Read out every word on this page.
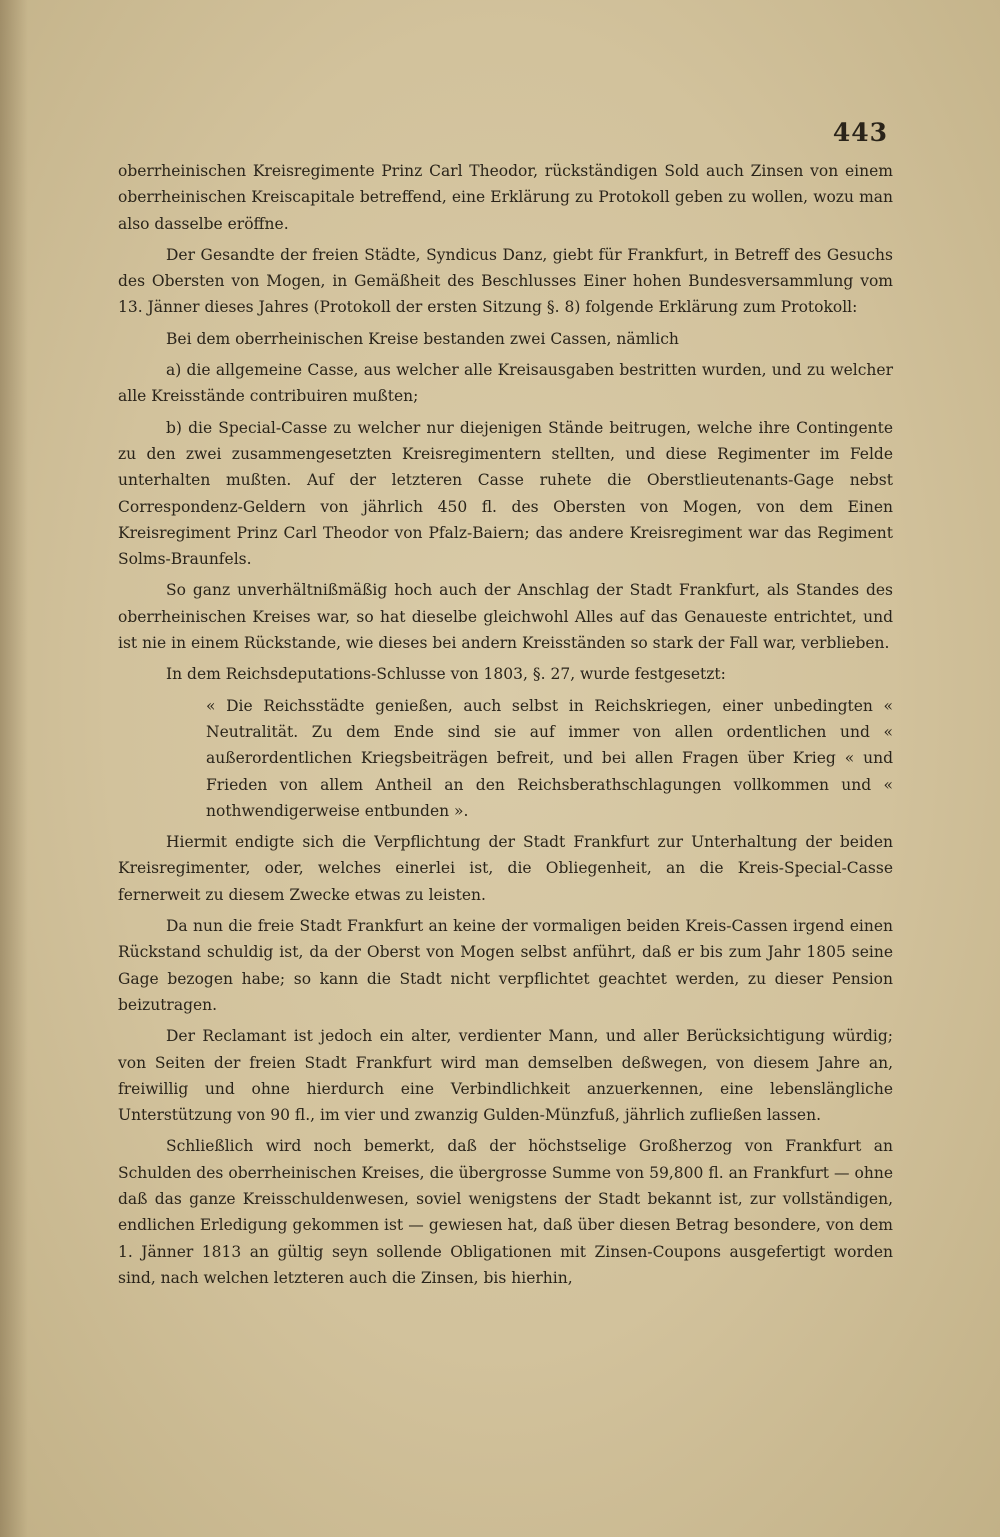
443

oberrheinischen Kreisregimente Prinz Carl Theodor, rückständigen Sold auch Zinsen von einem oberrheinischen Kreiscapitale betreffend, eine Erklärung zu Protokoll geben zu wollen, wozu man also dasselbe eröffne.

Der Gesandte der freien Städte, Syndicus Danz, giebt für Frankfurt, in Betreff des Gesuchs des Obersten von Mogen, in Gemäßheit des Beschlusses Einer hohen Bundesversammlung vom 13. Jänner dieses Jahres (Protokoll der ersten Sitzung §. 8) folgende Erklärung zum Protokoll:

Bei dem oberrheinischen Kreise bestanden zwei Cassen, nämlich

a) die allgemeine Casse, aus welcher alle Kreisausgaben bestritten wurden, und zu welcher alle Kreisstände contribuiren mußten;

b) die Special-Casse zu welcher nur diejenigen Stände beitrugen, welche ihre Contingente zu den zwei zusammengesetzten Kreisregimentern stellten, und diese Regimenter im Felde unterhalten mußten. Auf der letzteren Casse ruhete die Oberstlieutenants-Gage nebst Correspondenz-Geldern von jährlich 450 fl. des Obersten von Mogen, von dem Einen Kreisregiment Prinz Carl Theodor von Pfalz-Baiern; das andere Kreisregiment war das Regiment Solms-Braunfels.

So ganz unverhältnißmäßig hoch auch der Anschlag der Stadt Frankfurt, als Standes des oberrheinischen Kreises war, so hat dieselbe gleichwohl Alles auf das Genaueste entrichtet, und ist nie in einem Rückstande, wie dieses bei andern Kreisständen so stark der Fall war, verblieben.

In dem Reichsdeputations-Schlusse von 1803, §. 27, wurde festgesetzt:

« Die Reichsstädte genießen, auch selbst in Reichskriegen, einer unbedingten « Neutralität. Zu dem Ende sind sie auf immer von allen ordentlichen und « außerordentlichen Kriegsbeiträgen befreit, und bei allen Fragen über Krieg « und Frieden von allem Antheil an den Reichsberathschlagungen vollkommen und « nothwendigerweise entbunden ».

Hiermit endigte sich die Verpflichtung der Stadt Frankfurt zur Unterhaltung der beiden Kreisregimenter, oder, welches einerlei ist, die Obliegenheit, an die Kreis-Special-Casse fernerweit zu diesem Zwecke etwas zu leisten.

Da nun die freie Stadt Frankfurt an keine der vormaligen beiden Kreis-Cassen irgend einen Rückstand schuldig ist, da der Oberst von Mogen selbst anführt, daß er bis zum Jahr 1805 seine Gage bezogen habe; so kann die Stadt nicht verpflichtet geachtet werden, zu dieser Pension beizutragen.

Der Reclamant ist jedoch ein alter, verdienter Mann, und aller Berücksichtigung würdig; von Seiten der freien Stadt Frankfurt wird man demselben deßwegen, von diesem Jahre an, freiwillig und ohne hierdurch eine Verbindlichkeit anzuerkennen, eine lebenslängliche Unterstützung von 90 fl., im vier und zwanzig Gulden-Münzfuß, jährlich zufließen lassen.

Schließlich wird noch bemerkt, daß der höchstselige Großherzog von Frankfurt an Schulden des oberrheinischen Kreises, die übergrosse Summe von 59,800 fl. an Frankfurt — ohne daß das ganze Kreisschuldenwesen, soviel wenigstens der Stadt bekannt ist, zur vollständigen, endlichen Erledigung gekommen ist — gewiesen hat, daß über diesen Betrag besondere, von dem 1. Jänner 1813 an gültig seyn sollende Obligationen mit Zinsen-Coupons ausgefertigt worden sind, nach welchen letzteren auch die Zinsen, bis hierhin,
